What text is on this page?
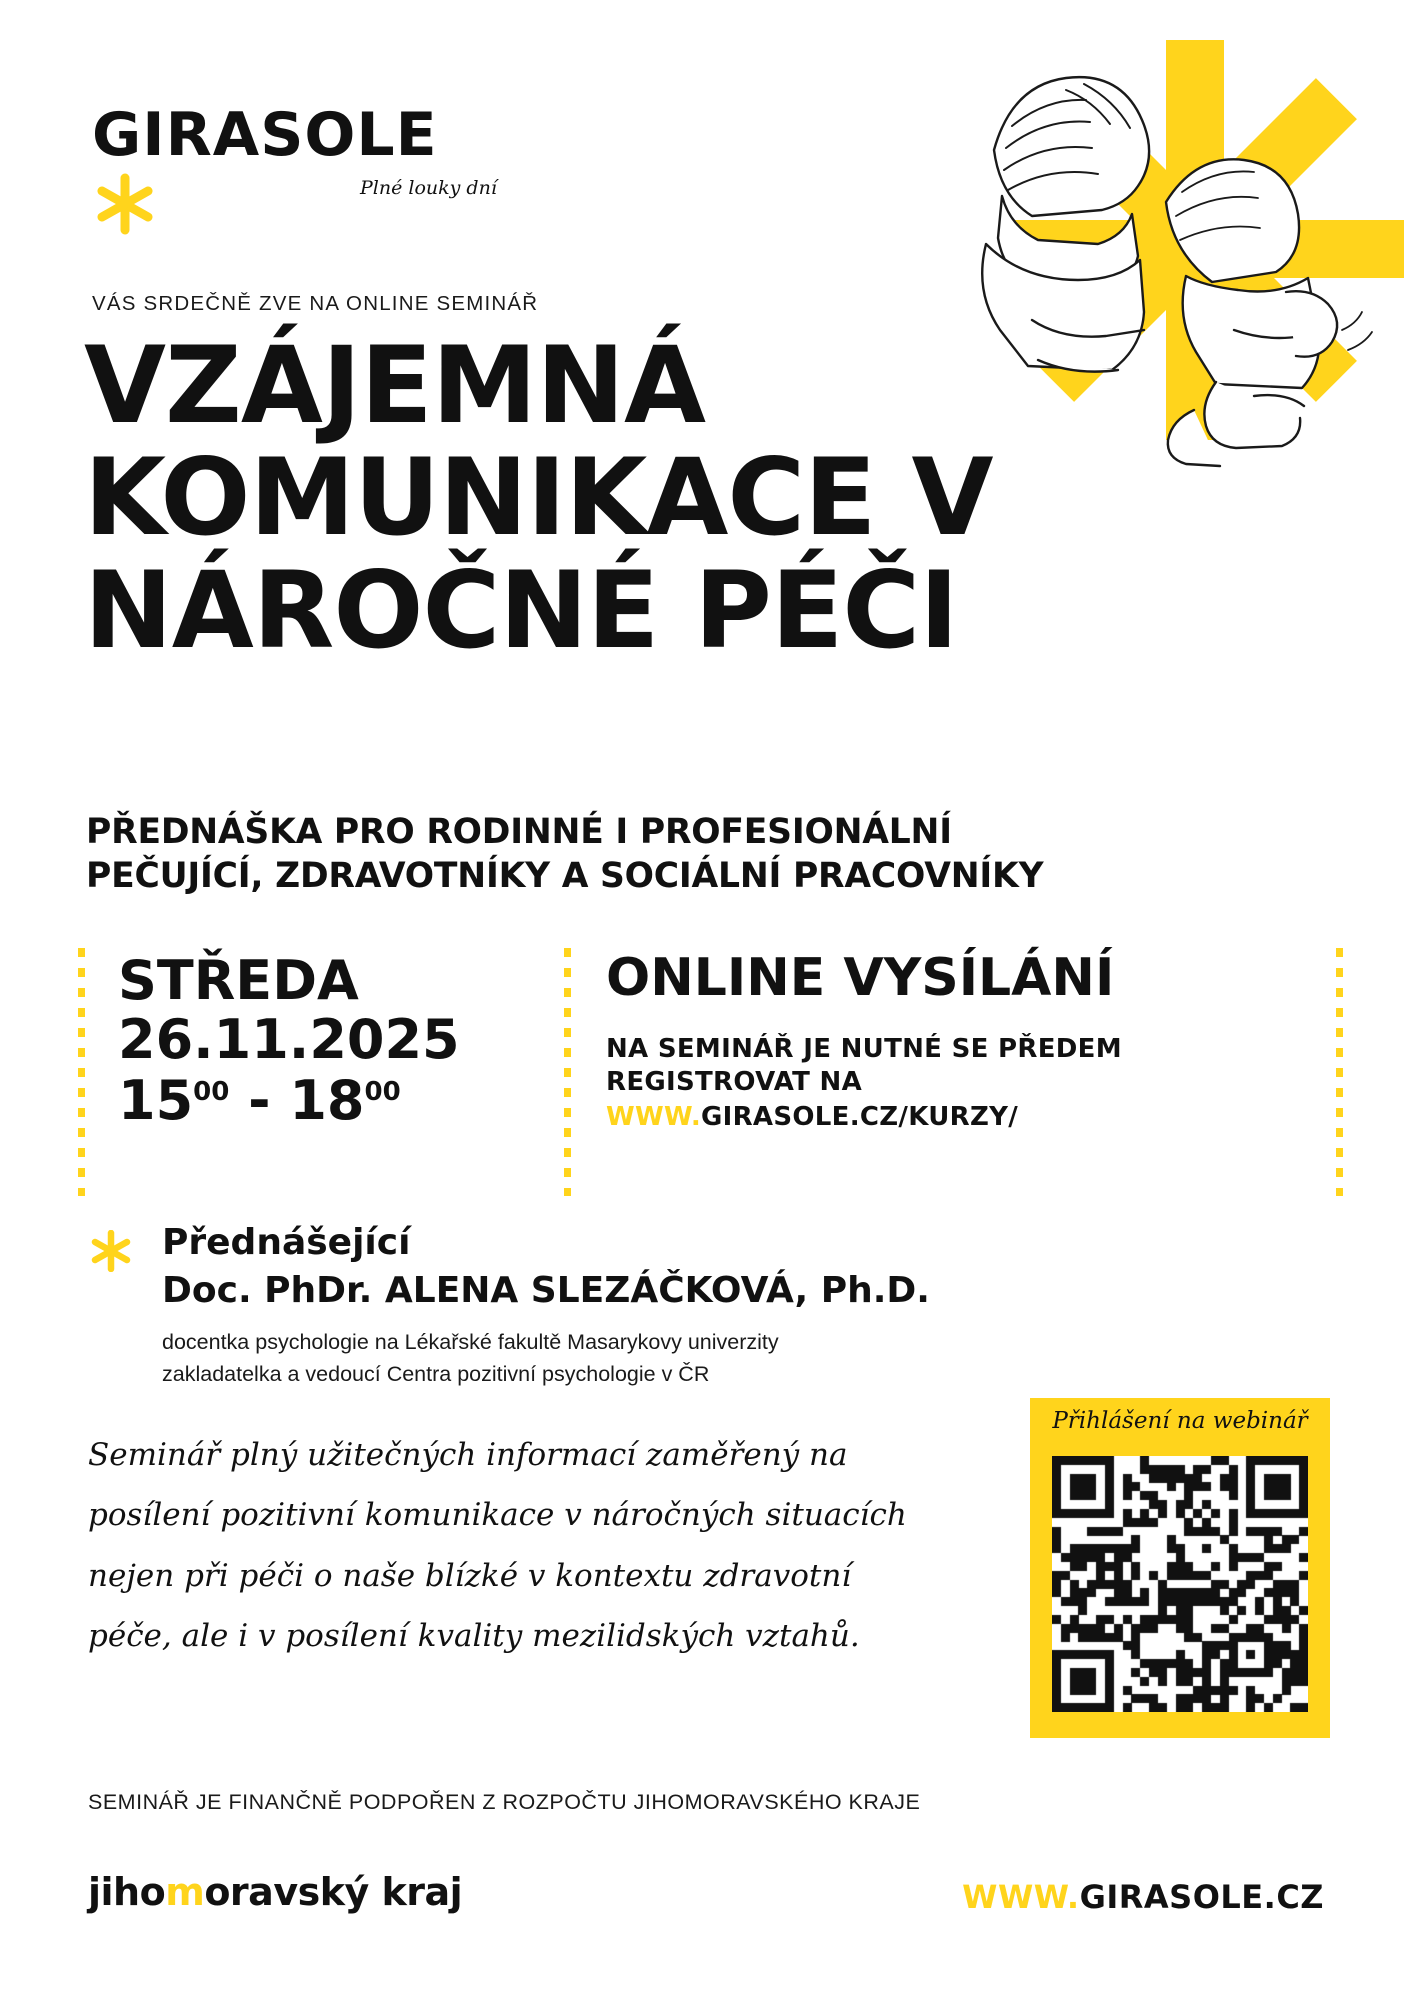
GIRASOLE
Plné louky dní
VÁS SRDEČNĚ ZVE NA ONLINE SEMINÁŘ
VZÁJEMNÁ
KOMUNIKACE V
NÁROČNÉ PÉČI
PŘEDNÁŠKA PRO RODINNÉ I PROFESIONÁLNÍ
PEČUJÍCÍ, ZDRAVOTNÍKY A SOCIÁLNÍ PRACOVNÍKY
STŘEDA
26.11.2025
$15^{00} - 18^{00}$
ONLINE VYSÍLÁNÍ
NA SEMINÁŘ JE NUTNÉ SE PŘEDEM
REGISTROVAT NA
WWW.GIRASOLE.CZ/KURZY/
Přednášející
Doc. PhDr. ALENA SLEZÁČKOVÁ, Ph.D.
docentka psychologie na Lékařské fakultě Masarykovy univerzity
zakladatelka a vedoucí Centra pozitivní psychologie v ČR
Seminář plný užitečných informací zaměřený na
posílení pozitivní komunikace v náročných situacích
nejen při péči o naše blízké v kontextu zdravotní
péče, ale i v posílení kvality mezilidských vztahů.
Přihlášení na webinář
SEMINÁŘ JE FINANČNĚ PODPOŘEN Z ROZPOČTU JIHOMORAVSKÉHO KRAJE
jihomoravský kraj	WWW.GIRASOLE.CZ
